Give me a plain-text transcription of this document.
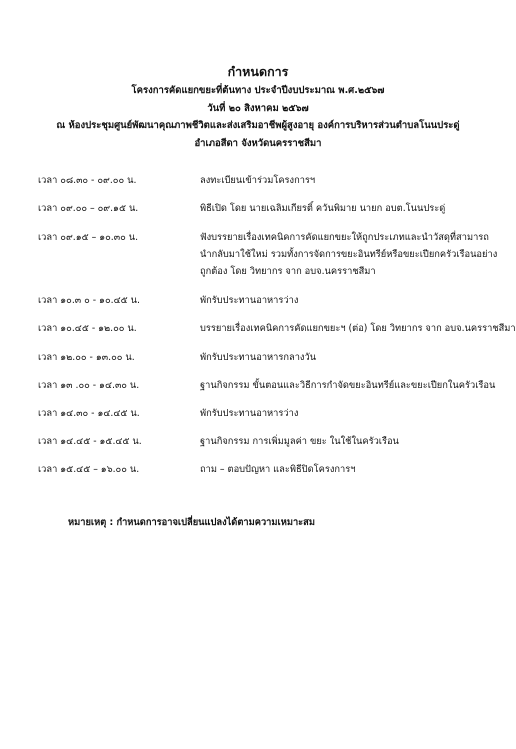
กำหนดการ
โครงการคัดแยกขยะที่ต้นทาง ประจำปีงบประมาณ พ.ศ.๒๕๖๗
วันที่ ๒๐ สิงหาคม ๒๕๖๗
ณ ห้องประชุมศูนย์พัฒนาคุณภาพชีวิตและส่งเสริมอาชีพผู้สูงอายุ องค์การบริหารส่วนตำบลโนนประดู่
อำเภอสีดา จังหวัดนครราชสีมา
เวลา ๐๘.๓๐ - ๐๙.๐๐ น.	ลงทะเบียนเข้าร่วมโครงการฯ
เวลา ๐๙.๐๐ – ๐๙.๑๕ น.	พิธีเปิด โดย นายเฉลิมเกียรติ์ ควันพิมาย นายก อบต.โนนประดู่
เวลา ๐๙.๑๕ – ๑๐.๓๐ น.	ฟังบรรยายเรื่องเทคนิคการคัดแยกขยะให้ถูกประเภทและนำวัสดุที่สามารถ
นำกลับมาใช้ใหม่ รวมทั้งการจัดการขยะอินทรีย์หรือขยะเปียกครัวเรือนอย่าง
ถูกต้อง โดย วิทยากร จาก อบจ.นครราชสีมา
เวลา ๑๐.๓ ๐ - ๑๐.๔๕ น.	พักรับประทานอาหารว่าง
เวลา ๑๐.๔๕ - ๑๒.๐๐ น.	บรรยายเรื่องเทคนิคการคัดแยกขยะฯ (ต่อ) โดย วิทยากร จาก อบจ.นครราชสีมา
เวลา ๑๒.๐๐ - ๑๓.๐๐ น.	พักรับประทานอาหารกลางวัน
เวลา ๑๓ .๐๐ - ๑๔.๓๐ น.	ฐานกิจกรรม ขั้นตอนและวิธีการกำจัดขยะอินทรีย์และขยะเปียกในครัวเรือน
เวลา ๑๔.๓๐ - ๑๔.๔๕ น.	พักรับประทานอาหารว่าง
เวลา ๑๔.๔๕ - ๑๕.๔๕ น.	ฐานกิจกรรม การเพิ่มมูลค่า ขยะ ในใช้ในครัวเรือน
เวลา ๑๕.๔๕ – ๑๖.๐๐ น.	ถาม – ตอบปัญหา และพิธีปิดโครงการฯ
หมายเหตุ : กำหนดการอาจเปลี่ยนแปลงได้ตามความเหมาะสม
